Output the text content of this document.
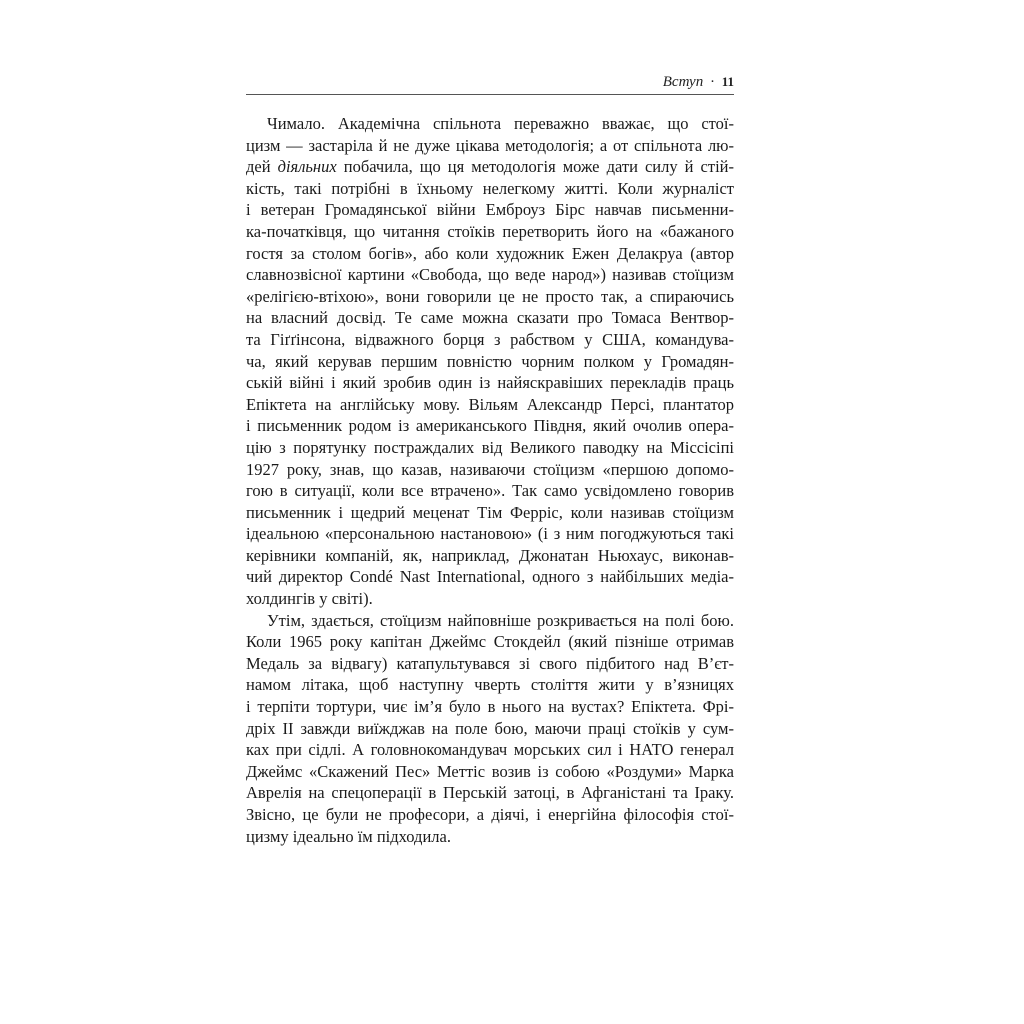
Вступ · 11
Чимало. Академічна спільнота переважно вважає, що стоï-
цизм — застаріла й не дуже цікава методологія; а от спільнота лю-
дей діяльних побачила, що ця методологія може дати силу й стій-
кість, такі потрібні в їхньому нелегкому житті. Коли журналіст
і ветеран Громадянської війни Емброуз Бірс навчав письменни-
ка-початківця, що читання стоїків перетворить його на «бажаного
гостя за столом богів», або коли художник Ежен Делакруа (автор
славнозвісної картини «Свобода, що веде народ») називав стоїцизм
«релігією-втіхою», вони говорили це не просто так, а спираючись
на власний досвід. Те саме можна сказати про Томаса Вентвор-
та Гіґґінсона, відважного борця з рабством у США, командува-
ча, який керував першим повністю чорним полком у Громадян-
ській війні і який зробив один із найяскравіших перекладів праць
Епіктета на англійську мову. Вільям Александр Персі, плантатор
і письменник родом із американського Півдня, який очолив опера-
цію з порятунку постраждалих від Великого паводку на Міссісіпі
1927 року, знав, що казав, називаючи стоїцизм «першою допомо-
гою в ситуації, коли все втрачено». Так само усвідомлено говорив
письменник і щедрий меценат Тім Ферріс, коли називав стоїцизм
ідеальною «персональною настановою» (і з ним погоджуються такі
керівники компаній, як, наприклад, Джонатан Ньюхаус, виконав-
чий директор Condé Nast International, одного з найбільших медіа-
холдингів у світі).
Утім, здається, стоїцизм найповніше розкривається на полі бою.
Коли 1965 року капітан Джеймс Стокдейл (який пізніше отримав
Медаль за відвагу) катапультувався зі свого підбитого над В’єт-
намом літака, щоб наступну чверть століття жити у в’язницях
і терпіти тортури, чиє ім’я було в нього на вустах? Епіктета. Фрі-
дріх II завжди виїжджав на поле бою, маючи праці стоїків у сум-
ках при сідлі. А головнокомандувач морських сил і НАТО генерал
Джеймс «Скажений Пес» Меттіс возив із собою «Роздуми» Марка
Аврелія на спецоперації в Перській затоці, в Афганістані та Іраку.
Звісно, це були не професори, а діячі, і енергійна філософія стої-
цизму ідеально їм підходила.
